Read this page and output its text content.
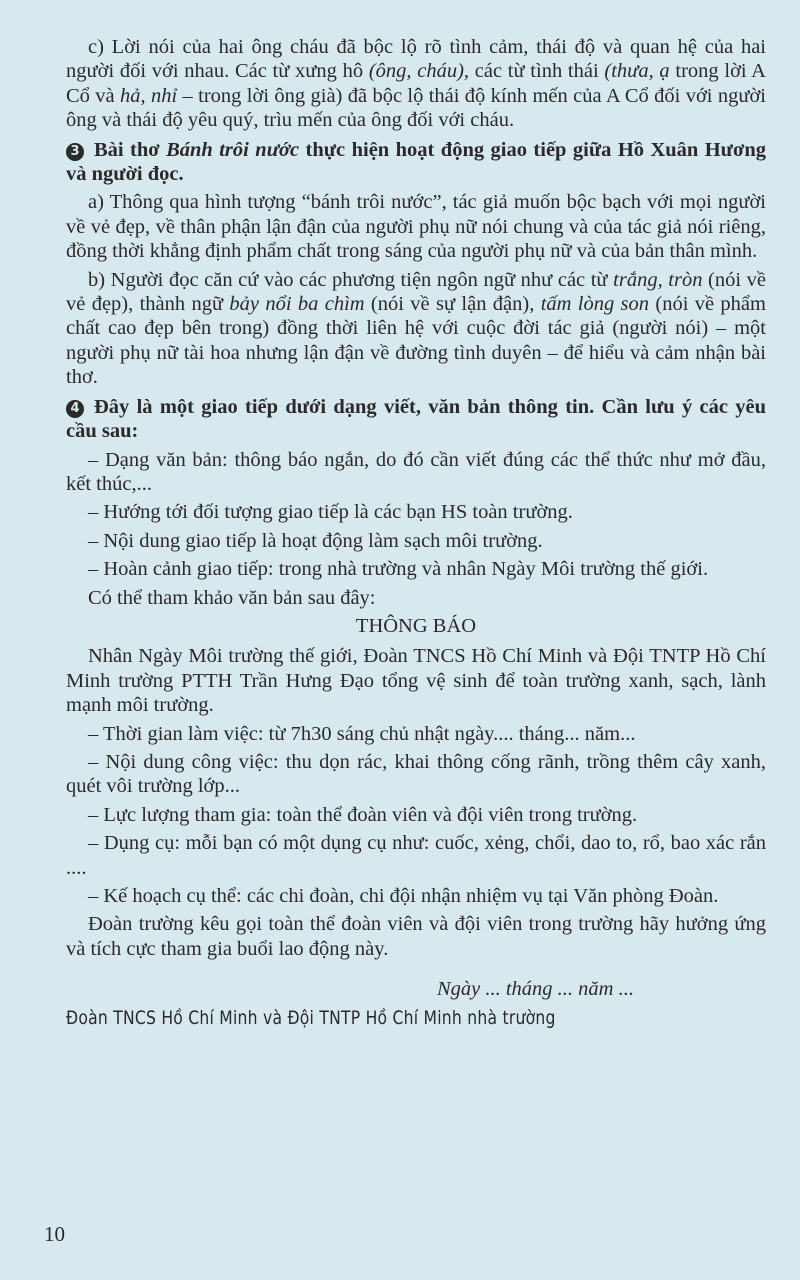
c) Lời nói của hai ông cháu đã bộc lộ rõ tình cảm, thái độ và quan hệ của hai người đối với nhau. Các từ xưng hô (ông, cháu), các từ tình thái (thưa, ạ trong lời A Cổ và hả, nhỉ – trong lời ông già) đã bộc lộ thái độ kính mến của A Cổ đối với người ông và thái độ yêu quý, trìu mến của ông đối với cháu.

3 Bài thơ Bánh trôi nước thực hiện hoạt động giao tiếp giữa Hồ Xuân Hương và người đọc.

a) Thông qua hình tượng “bánh trôi nước”, tác giả muốn bộc bạch với mọi người về vẻ đẹp, về thân phận lận đận của người phụ nữ nói chung và của tác giả nói riêng, đồng thời khẳng định phẩm chất trong sáng của người phụ nữ và của bản thân mình.

b) Người đọc căn cứ vào các phương tiện ngôn ngữ như các từ trắng, tròn (nói về vẻ đẹp), thành ngữ bảy nổi ba chìm (nói về sự lận đận), tấm lòng son (nói về phẩm chất cao đẹp bên trong) đồng thời liên hệ với cuộc đời tác giả (người nói) – một người phụ nữ tài hoa nhưng lận đận về đường tình duyên – để hiểu và cảm nhận bài thơ.

4 Đây là một giao tiếp dưới dạng viết, văn bản thông tin. Cần lưu ý các yêu cầu sau:

– Dạng văn bản: thông báo ngắn, do đó cần viết đúng các thể thức như mở đầu, kết thúc,...

– Hướng tới đối tượng giao tiếp là các bạn HS toàn trường.

– Nội dung giao tiếp là hoạt động làm sạch môi trường.

– Hoàn cảnh giao tiếp: trong nhà trường và nhân Ngày Môi trường thế giới.

Có thể tham khảo văn bản sau đây:

THÔNG BÁO

Nhân Ngày Môi trường thế giới, Đoàn TNCS Hồ Chí Minh và Đội TNTP Hồ Chí Minh trường PTTH Trần Hưng Đạo tổng vệ sinh để toàn trường xanh, sạch, lành mạnh môi trường.

– Thời gian làm việc: từ 7h30 sáng chủ nhật ngày.... tháng... năm...

– Nội dung công việc: thu dọn rác, khai thông cống rãnh, trồng thêm cây xanh, quét vôi trường lớp...

– Lực lượng tham gia: toàn thể đoàn viên và đội viên trong trường.

– Dụng cụ: mỗi bạn có một dụng cụ như: cuốc, xẻng, chổi, dao to, rổ, bao xác rắn ....

– Kế hoạch cụ thể: các chi đoàn, chi đội nhận nhiệm vụ tại Văn phòng Đoàn.

Đoàn trường kêu gọi toàn thể đoàn viên và đội viên trong trường hãy hưởng ứng và tích cực tham gia buổi lao động này.

Ngày ... tháng ... năm ...

Đoàn TNCS Hồ Chí Minh và Đội TNTP Hồ Chí Minh nhà trường

10
